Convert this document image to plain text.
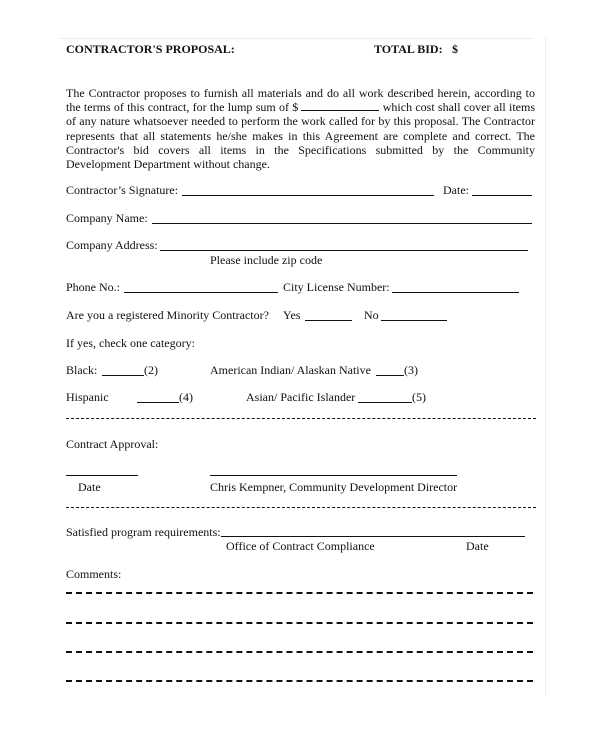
CONTRACTOR'S PROPOSAL:	TOTAL BID: $
The Contractor proposes to furnish all materials and do all work described herein, according to
the terms of this contract, for the lump sum of $	which cost shall cover all items
of any nature whatsoever needed to perform the work called for by this proposal. The Contractor
represents that all statements he/she makes in this Agreement are complete and correct. The
Contractor's bid covers all items in the Specifications submitted by the Community
Development Department without change.
Contractor’s Signature:	Date:
Company Name:
Company Address:
Please include zip code
Phone No.:	City License Number:
Are you a registered Minority Contractor? Yes	No
If yes, check one category:
Black:	(2)	American Indian/ Alaskan Native	(3)
Hispanic	(4)	Asian/ Pacific Islander	(5)
Contract Approval:
Date	Chris Kempner, Community Development Director
Satisfied program requirements:
Office of Contract Compliance	Date
Comments:
